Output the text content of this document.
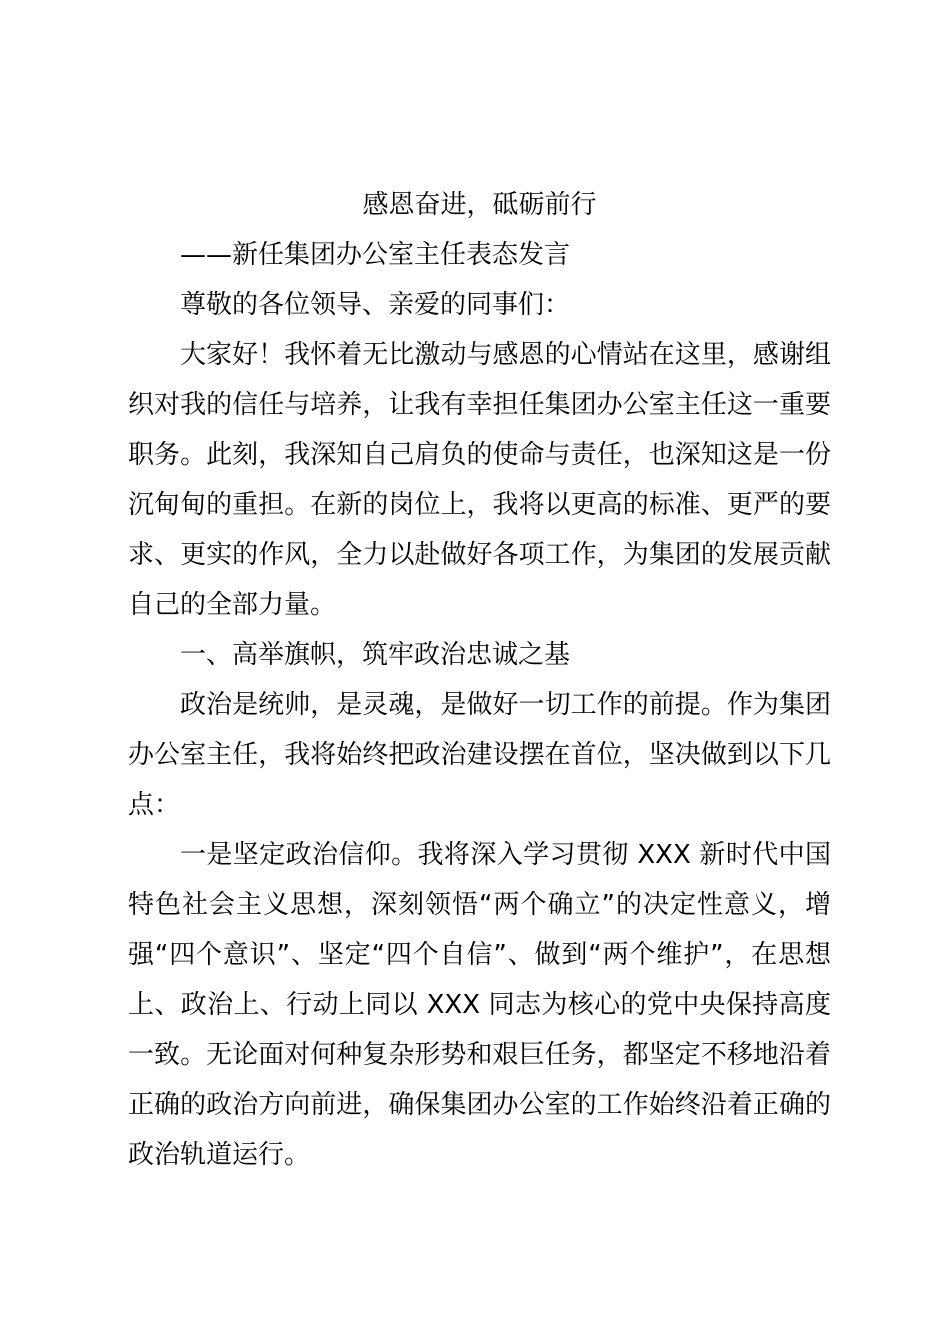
感恩奋进，砥砺前行

——新任集团办公室主任表态发言

尊敬的各位领导、亲爱的同事们：

大家好！我怀着无比激动与感恩的心情站在这里，感谢组织对我的信任与培养，让我有幸担任集团办公室主任这一重要职务。此刻，我深知自己肩负的使命与责任，也深知这是一份沉甸甸的重担。在新的岗位上，我将以更高的标准、更严的要求、更实的作风，全力以赴做好各项工作，为集团的发展贡献自己的全部力量。

一、高举旗帜，筑牢政治忠诚之基

政治是统帅，是灵魂，是做好一切工作的前提。作为集团办公室主任，我将始终把政治建设摆在首位，坚决做到以下几点：

一是坚定政治信仰。我将深入学习贯彻 XXX 新时代中国特色社会主义思想，深刻领悟“两个确立”的决定性意义，增强“四个意识”、坚定“四个自信”、做到“两个维护”，在思想上、政治上、行动上同以 XXX 同志为核心的党中央保持高度一致。无论面对何种复杂形势和艰巨任务，都坚定不移地沿着正确的政治方向前进，确保集团办公室的工作始终沿着正确的政治轨道运行。
